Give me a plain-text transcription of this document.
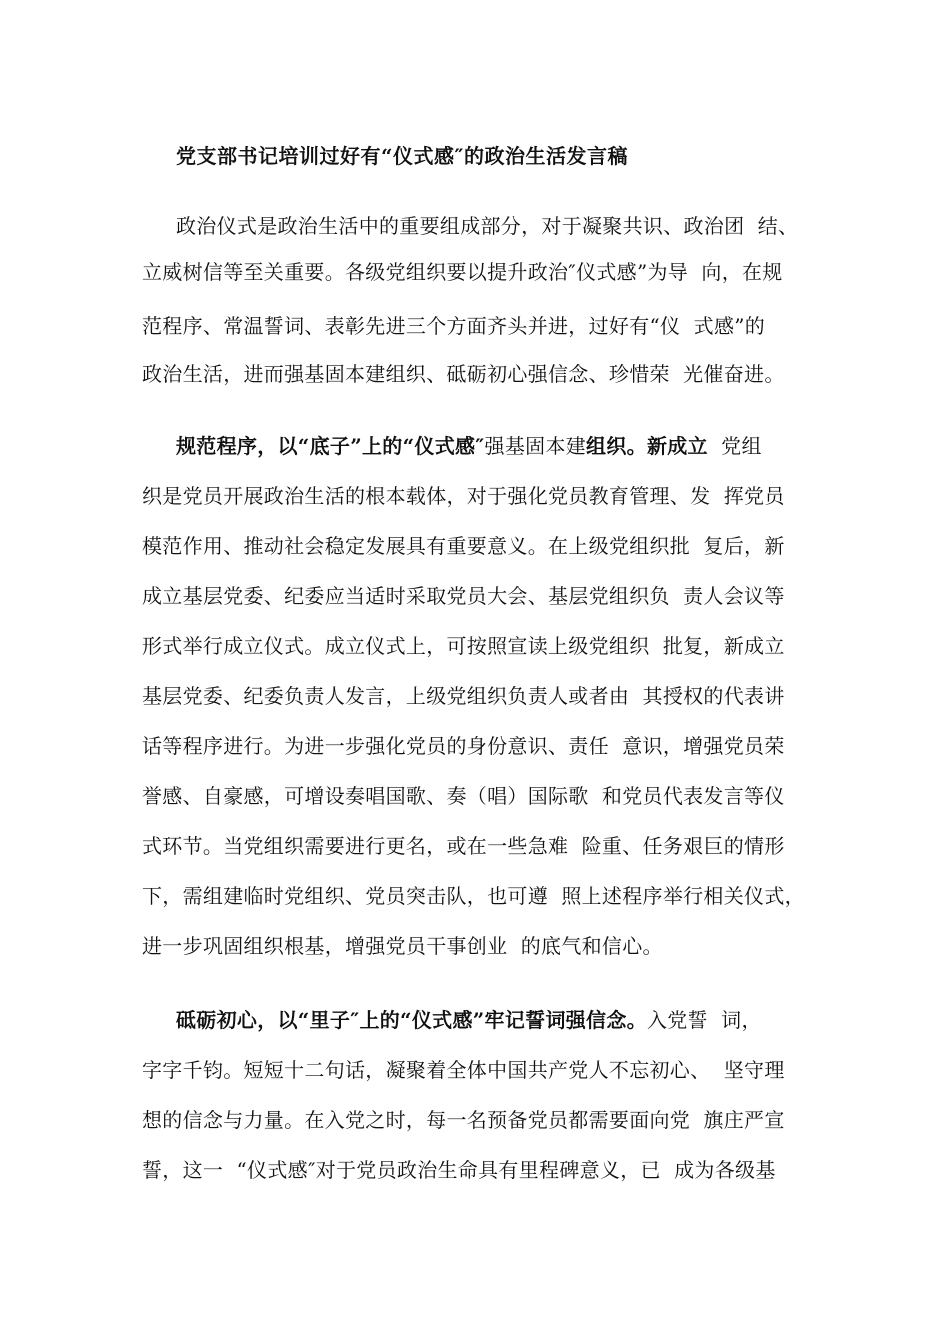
党支部书记培训过好有“仪式感″的政治生活发言稿
政治仪式是政治生活中的重要组成部分，对于凝聚共识、政治团  结、
立威树信等至关重要。各级党组织要以提升政治″仪式感”为导  向，在规
范程序、常温誓词、表彰先进三个方面齐头并进，过好有“仪  式感”的
政治生活，进而强基固本建组织、砥砺初心强信念、珍惜荣  光催奋进。
规范程序，以“底子”上的“仪式感″强基固本建组织。新成立  党组
织是党员开展政治生活的根本载体，对于强化党员教育管理、发  挥党员
模范作用、推动社会稳定发展具有重要意义。在上级党组织批  复后，新
成立基层党委、纪委应当适时采取党员大会、基层党组织负  责人会议等
形式举行成立仪式。成立仪式上，可按照宣读上级党组织  批复，新成立
基层党委、纪委负责人发言，上级党组织负责人或者由  其授权的代表讲
话等程序进行。为进一步强化党员的身份意识、责任  意识，增强党员荣
誉感、自豪感，可增设奏唱国歌、奏（唱）国际歌  和党员代表发言等仪
式环节。当党组织需要进行更名，或在一些急难  险重、任务艰巨的情形
下，需组建临时党组织、党员突击队，也可遵  照上述程序举行相关仪式，
进一步巩固组织根基，增强党员干事创业  的底气和信心。
砥砺初心，以“里子″上的“仪式感”牢记誓词强信念。入党誓  词，
字字千钧。短短十二句话，凝聚着全体中国共产党人不忘初心、  坚守理
想的信念与力量。在入党之时，每一名预备党员都需要面向党  旗庄严宣
誓，这一  “仪式感″对于党员政治生命具有里程碑意义，已  成为各级基
